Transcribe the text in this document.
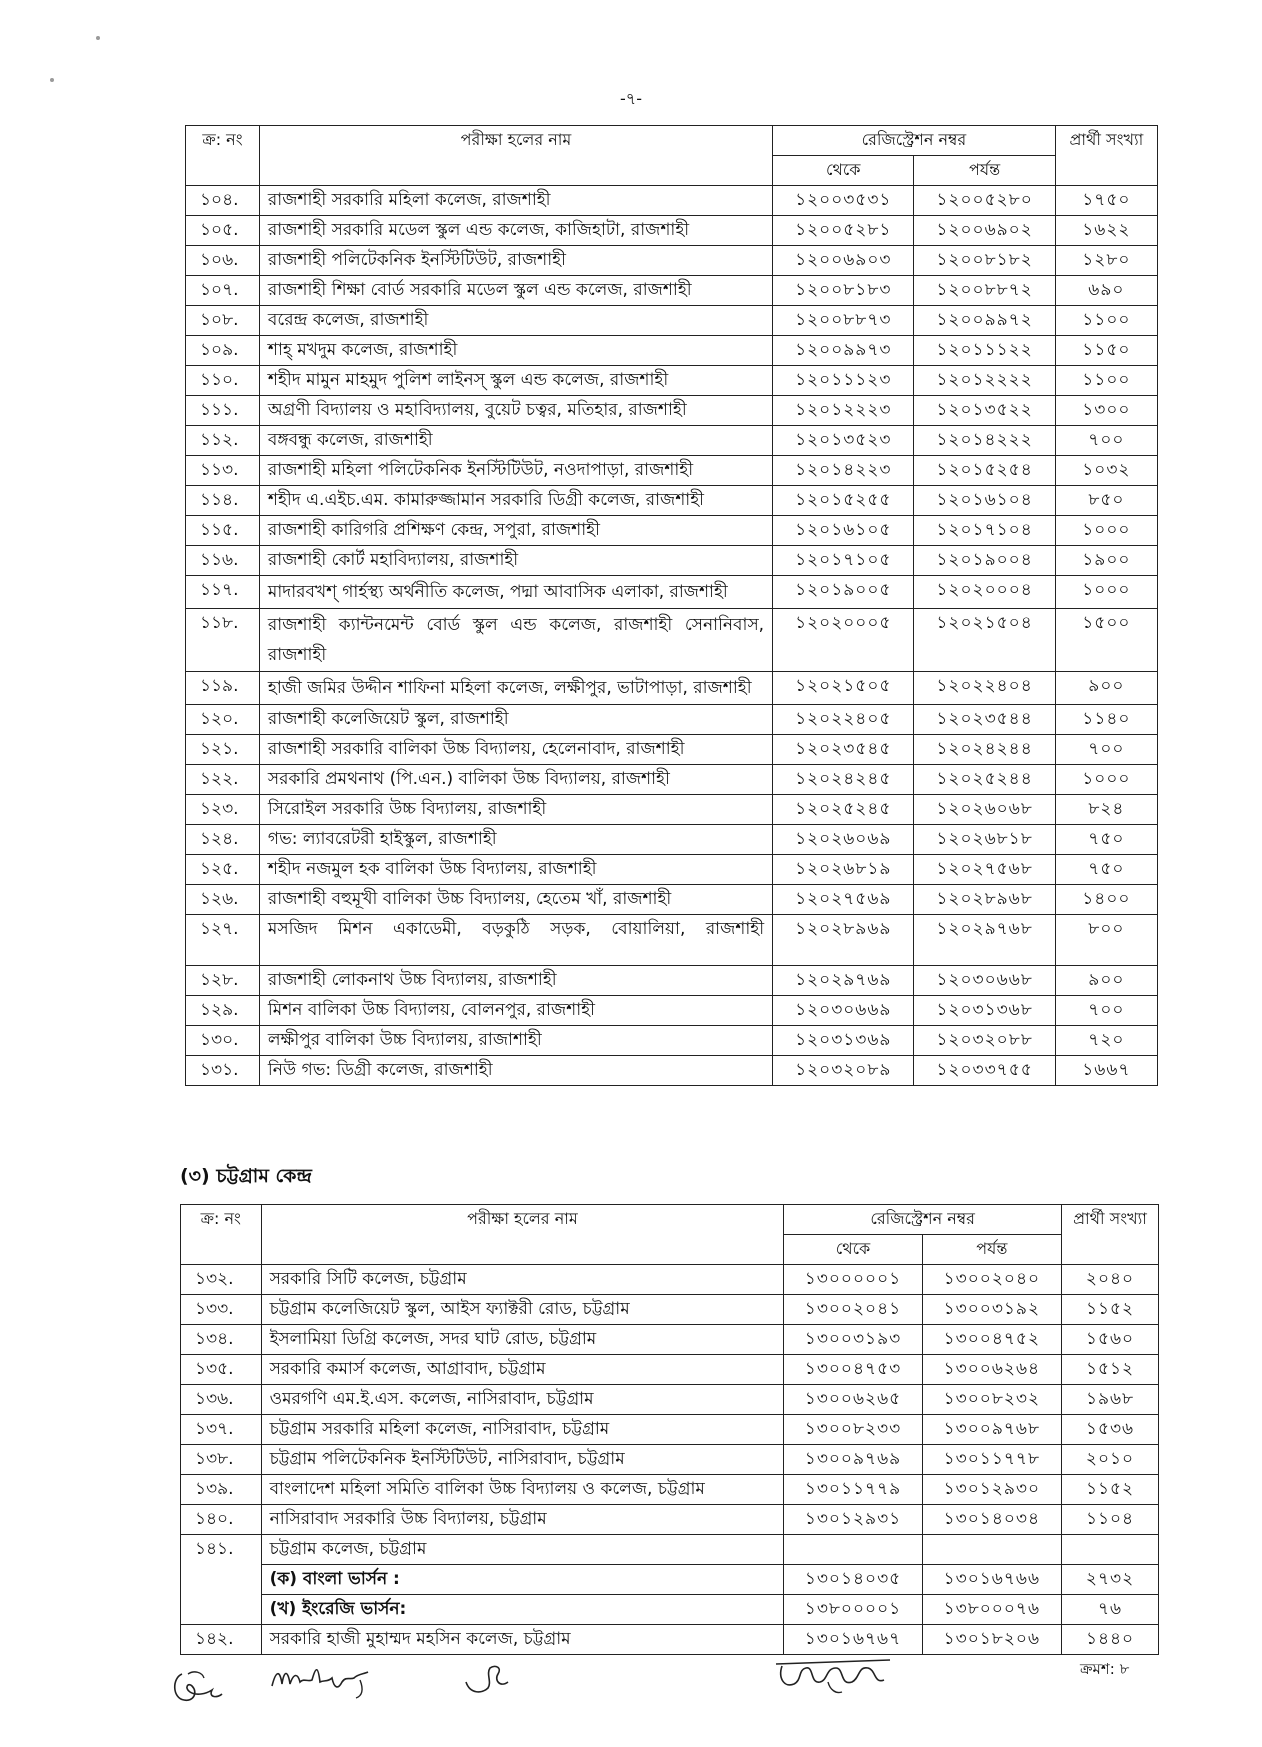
-৭-
ক্র: নং	পরীক্ষা হলের নাম	রেজিস্ট্রেশন নম্বর		প্রার্থী সংখ্যা
		থেকে	পর্যন্ত	
১০৪.	রাজশাহী সরকারি মহিলা কলেজ, রাজশাহী	১২০০৩৫৩১	১২০০৫২৮০	১৭৫০
১০৫.	রাজশাহী সরকারি মডেল স্কুল এন্ড কলেজ, কাজিহাটা, রাজশাহী	১২০০৫২৮১	১২০০৬৯০২	১৬২২
১০৬.	রাজশাহী পলিটেকনিক ইনস্টিটিউট, রাজশাহী	১২০০৬৯০৩	১২০০৮১৮২	১২৮০
১০৭.	রাজশাহী শিক্ষা বোর্ড সরকারি মডেল স্কুল এন্ড কলেজ, রাজশাহী	১২০০৮১৮৩	১২০০৮৮৭২	৬৯০
১০৮.	বরেন্দ্র কলেজ, রাজশাহী	১২০০৮৮৭৩	১২০০৯৯৭২	১১০০
১০৯.	শাহ্ মখদুম কলেজ, রাজশাহী	১২০০৯৯৭৩	১২০১১১২২	১১৫০
১১০.	শহীদ মামুন মাহমুদ পুলিশ লাইনস্ স্কুল এন্ড কলেজ, রাজশাহী	১২০১১১২৩	১২০১২২২২	১১০০
১১১.	অগ্রণী বিদ্যালয় ও মহাবিদ্যালয়, বুয়েট চত্বর, মতিহার, রাজশাহী	১২০১২২২৩	১২০১৩৫২২	১৩০০
১১২.	বঙ্গবন্ধু কলেজ, রাজশাহী	১২০১৩৫২৩	১২০১৪২২২	৭০০
১১৩.	রাজশাহী মহিলা পলিটেকনিক ইনস্টিটিউট, নওদাপাড়া, রাজশাহী	১২০১৪২২৩	১২০১৫২৫৪	১০৩২
১১৪.	শহীদ এ.এইচ.এম. কামারুজ্জামান সরকারি ডিগ্রী কলেজ, রাজশাহী	১২০১৫২৫৫	১২০১৬১০৪	৮৫০
১১৫.	রাজশাহী কারিগরি প্রশিক্ষণ কেন্দ্র, সপুরা, রাজশাহী	১২০১৬১০৫	১২০১৭১০৪	১০০০
১১৬.	রাজশাহী কোর্ট মহাবিদ্যালয়, রাজশাহী	১২০১৭১০৫	১২০১৯০০৪	১৯০০
১১৭.	মাদারবখশ্ গার্হস্থ্য অর্থনীতি কলেজ, পদ্মা আবাসিক এলাকা, রাজশাহী	১২০১৯০০৫	১২০২০০০৪	১০০০
১১৮.	রাজশাহী ক্যান্টনমেন্ট বোর্ড স্কুল এন্ড কলেজ, রাজশাহী সেনানিবাস, রাজশাহী	১২০২০০০৫	১২০২১৫০৪	১৫০০
১১৯.	হাজী জমির উদ্দীন শাফিনা মহিলা কলেজ, লক্ষীপুর, ভাটাপাড়া, রাজশাহী	১২০২১৫০৫	১২০২২৪০৪	৯০০
১২০.	রাজশাহী কলেজিয়েট স্কুল, রাজশাহী	১২০২২৪০৫	১২০২৩৫৪৪	১১৪০
১২১.	রাজশাহী সরকারি বালিকা উচ্চ বিদ্যালয়, হেলেনাবাদ, রাজশাহী	১২০২৩৫৪৫	১২০২৪২৪৪	৭০০
১২২.	সরকারি প্রমথনাথ (পি.এন.) বালিকা উচ্চ বিদ্যালয়, রাজশাহী	১২০২৪২৪৫	১২০২৫২৪৪	১০০০
১২৩.	সিরোইল সরকারি উচ্চ বিদ্যালয়, রাজশাহী	১২০২৫২৪৫	১২০২৬০৬৮	৮২৪
১২৪.	গভ: ল্যাবরেটরী হাইস্কুল, রাজশাহী	১২০২৬০৬৯	১২০২৬৮১৮	৭৫০
১২৫.	শহীদ নজমুল হক বালিকা উচ্চ বিদ্যালয়, রাজশাহী	১২০২৬৮১৯	১২০২৭৫৬৮	৭৫০
১২৬.	রাজশাহী বহুমূখী বালিকা উচ্চ বিদ্যালয়, হেতেম খাঁ, রাজশাহী	১২০২৭৫৬৯	১২০২৮৯৬৮	১৪০০
১২৭.	মসজিদ মিশন একাডেমী, বড়কুঠি সড়ক, বোয়ালিয়া, রাজশাহী	১২০২৮৯৬৯	১২০২৯৭৬৮	৮০০
১২৮.	রাজশাহী লোকনাথ উচ্চ বিদ্যালয়, রাজশাহী	১২০২৯৭৬৯	১২০৩০৬৬৮	৯০০
১২৯.	মিশন বালিকা উচ্চ বিদ্যালয়, বোলনপুর, রাজশাহী	১২০৩০৬৬৯	১২০৩১৩৬৮	৭০০
১৩০.	লক্ষীপুর বালিকা উচ্চ বিদ্যালয়, রাজাশাহী	১২০৩১৩৬৯	১২০৩২০৮৮	৭২০
১৩১.	নিউ গভ: ডিগ্রী কলেজ, রাজশাহী	১২০৩২০৮৯	১২০৩৩৭৫৫	১৬৬৭
(৩) চট্টগ্রাম কেন্দ্র
ক্র: নং	পরীক্ষা হলের নাম	রেজিস্ট্রেশন নম্বর		প্রার্থী সংখ্যা
		থেকে	পর্যন্ত	
১৩২.	সরকারি সিটি কলেজ, চট্টগ্রাম	১৩০০০০০১	১৩০০২০৪০	২০৪০
১৩৩.	চট্টগ্রাম কলেজিয়েট স্কুল, আইস ফ্যাক্টরী রোড, চট্টগ্রাম	১৩০০২০৪১	১৩০০৩১৯২	১১৫২
১৩৪.	ইসলামিয়া ডিগ্রি কলেজ, সদর ঘাট রোড, চট্টগ্রাম	১৩০০৩১৯৩	১৩০০৪৭৫২	১৫৬০
১৩৫.	সরকারি কমার্স কলেজ, আগ্রাবাদ, চট্টগ্রাম	১৩০০৪৭৫৩	১৩০০৬২৬৪	১৫১২
১৩৬.	ওমরগণি এম.ই.এস. কলেজ, নাসিরাবাদ, চট্টগ্রাম	১৩০০৬২৬৫	১৩০০৮২৩২	১৯৬৮
১৩৭.	চট্টগ্রাম সরকারি মহিলা কলেজ, নাসিরাবাদ, চট্টগ্রাম	১৩০০৮২৩৩	১৩০০৯৭৬৮	১৫৩৬
১৩৮.	চট্টগ্রাম পলিটেকনিক ইনস্টিটিউট, নাসিরাবাদ, চট্টগ্রাম	১৩০০৯৭৬৯	১৩০১১৭৭৮	২০১০
১৩৯.	বাংলাদেশ মহিলা সমিতি বালিকা উচ্চ বিদ্যালয় ও কলেজ, চট্টগ্রাম	১৩০১১৭৭৯	১৩০১২৯৩০	১১৫২
১৪০.	নাসিরাবাদ সরকারি উচ্চ বিদ্যালয়, চট্টগ্রাম	১৩০১২৯৩১	১৩০১৪০৩৪	১১০৪
১৪১.	চট্টগ্রাম কলেজ, চট্টগ্রাম			
	(ক) বাংলা ভার্সন :	১৩০১৪০৩৫	১৩০১৬৭৬৬	২৭৩২
	(খ) ইংরেজি ভার্সন:	১৩৮০০০০১	১৩৮০০০৭৬	৭৬
১৪২.	সরকারি হাজী মুহাম্মদ মহসিন কলেজ, চট্টগ্রাম	১৩০১৬৭৬৭	১৩০১৮২০৬	১৪৪০
ক্রমশ: ৮
